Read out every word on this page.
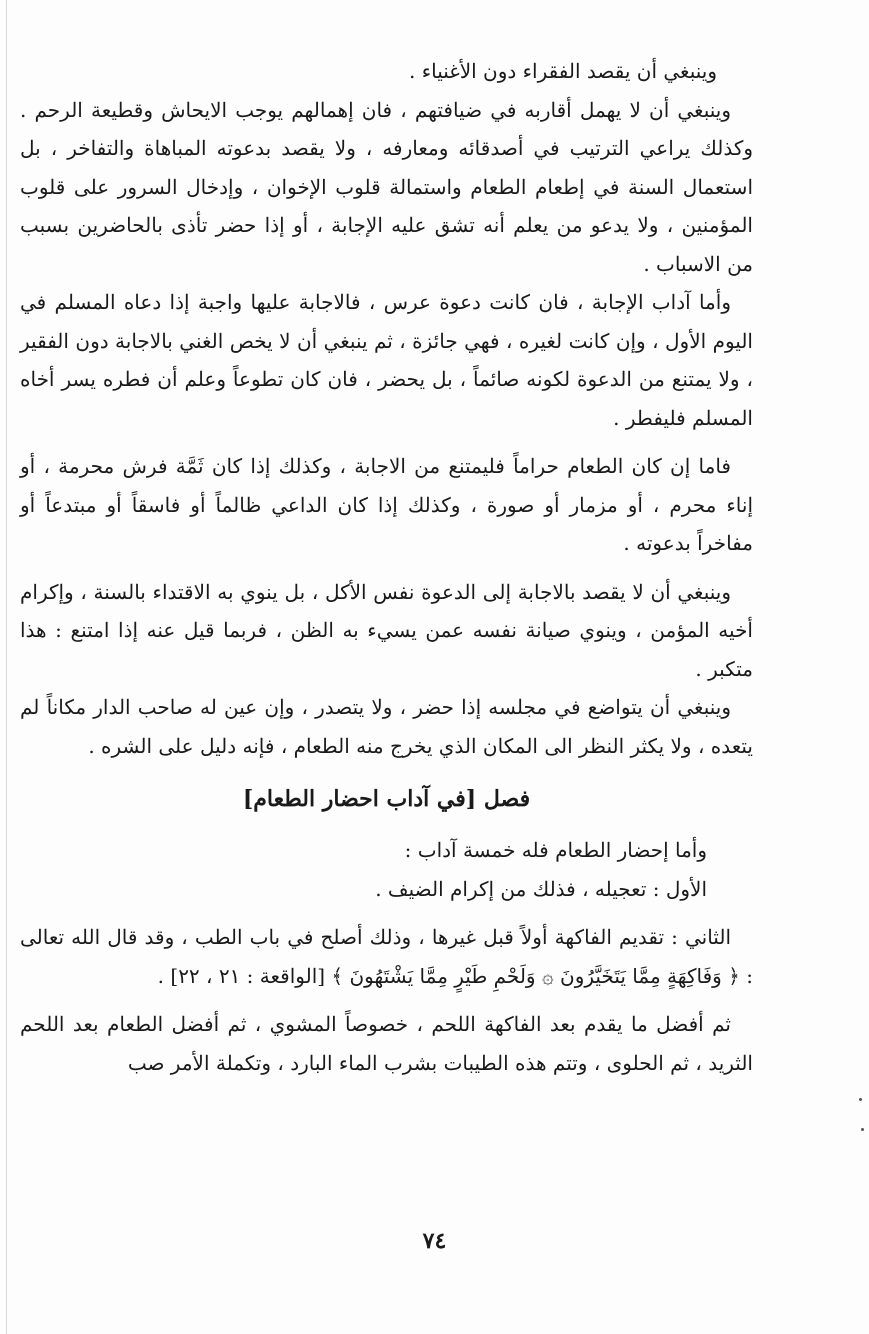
وينبغي أن يقصد الفقراء دون الأغنياء .

وينبغي أن لا يهمل أقاربه في ضيافتهم ، فان إهمالهم يوجب الايحاش وقطيعة الرحم . وكذلك يراعي الترتيب في أصدقائه ومعارفه ، ولا يقصد بدعوته المباهاة والتفاخر ، بل استعمال السنة في إطعام الطعام واستمالة قلوب الإخوان ، وإدخال السرور على قلوب المؤمنين ، ولا يدعو من يعلم أنه تشق عليه الإجابة ، أو إذا حضر تأذى بالحاضرين بسبب من الاسباب .

وأما آداب الإجابة ، فان كانت دعوة عرس ، فالاجابة عليها واجبة إذا دعاه المسلم في اليوم الأول ، وإن كانت لغيره ، فهي جائزة ، ثم ينبغي أن لا يخص الغني بالاجابة دون الفقير ، ولا يمتنع من الدعوة لكونه صائماً ، بل يحضر ، فان كان تطوعاً وعلم أن فطره يسر أخاه المسلم فليفطر .

فاما إن كان الطعام حراماً فليمتنع من الاجابة ، وكذلك إذا كان ثَمَّة فرش محرمة ، أو إناء محرم ، أو مزمار أو صورة ، وكذلك إذا كان الداعي ظالماً أو فاسقاً أو مبتدعاً أو مفاخراً بدعوته .

وينبغي أن لا يقصد بالاجابة إلى الدعوة نفس الأكل ، بل ينوي به الاقتداء بالسنة ، وإكرام أخيه المؤمن ، وينوي صيانة نفسه عمن يسيء به الظن ، فربما قيل عنه إذا امتنع : هذا متكبر .

وينبغي أن يتواضع في مجلسه إذا حضر ، ولا يتصدر ، وإن عين له صاحب الدار مكاناً لم يتعده ، ولا يكثر النظر الى المكان الذي يخرج منه الطعام ، فإنه دليل على الشره .

فصل [في آداب احضار الطعام]

وأما إحضار الطعام فله خمسة آداب :

الأول : تعجيله ، فذلك من إكرام الضيف .

الثاني : تقديم الفاكهة أولاً قبل غيرها ، وذلك أصلح في باب الطب ، وقد قال الله تعالى : ﴿ وَفَاكِهَةٍ مِمَّا يَتَخَيَّرُونَ ۞ وَلَحْمِ طَيْرٍ مِمَّا يَشْتَهُونَ ﴾ [الواقعة : ٢١ ، ٢٢] .

ثم أفضل ما يقدم بعد الفاكهة اللحم ، خصوصاً المشوي ، ثم أفضل الطعام بعد اللحم الثريد ، ثم الحلوى ، وتتم هذه الطيبات بشرب الماء البارد ، وتكملة الأمر صب

٧٤
